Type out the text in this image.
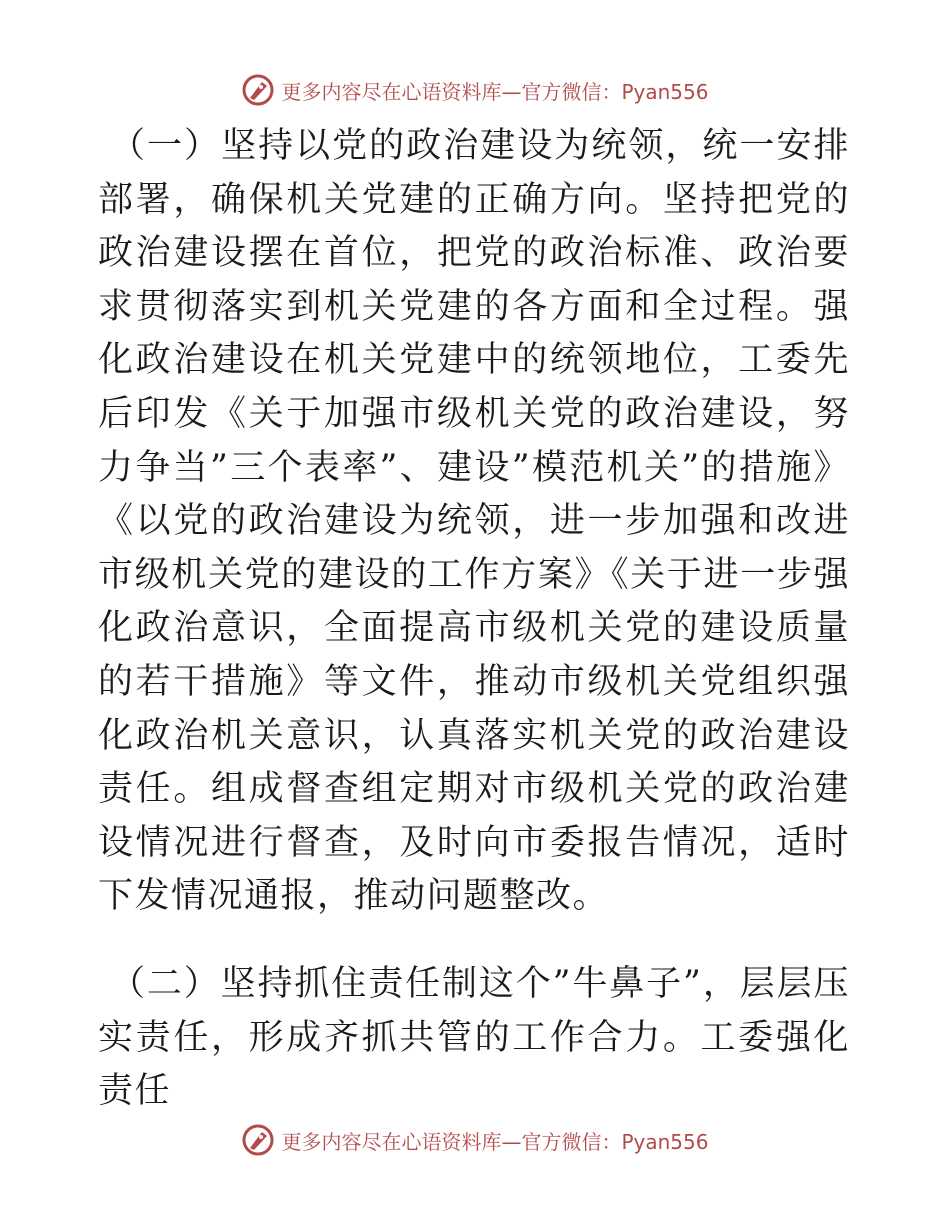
更多内容尽在心语资料库—官方微信：Pyan556

（一）坚持以党的政治建设为统领，统一安排部署，确保机关党建的正确方向。坚持把党的政治建设摆在首位，把党的政治标准、政治要求贯彻落实到机关党建的各方面和全过程。强化政治建设在机关党建中的统领地位，工委先后印发《关于加强市级机关党的政治建设，努力争当”三个表率”、建设”模范机关”的措施》《以党的政治建设为统领，进一步加强和改进市级机关党的建设的工作方案》《关于进一步强化政治意识，全面提高市级机关党的建设质量的若干措施》等文件，推动市级机关党组织强化政治机关意识，认真落实机关党的政治建设责任。组成督查组定期对市级机关党的政治建设情况进行督查，及时向市委报告情况，适时下发情况通报，推动问题整改。

（二）坚持抓住责任制这个”牛鼻子”，层层压实责任，形成齐抓共管的工作合力。工委强化责任

更多内容尽在心语资料库—官方微信：Pyan556
